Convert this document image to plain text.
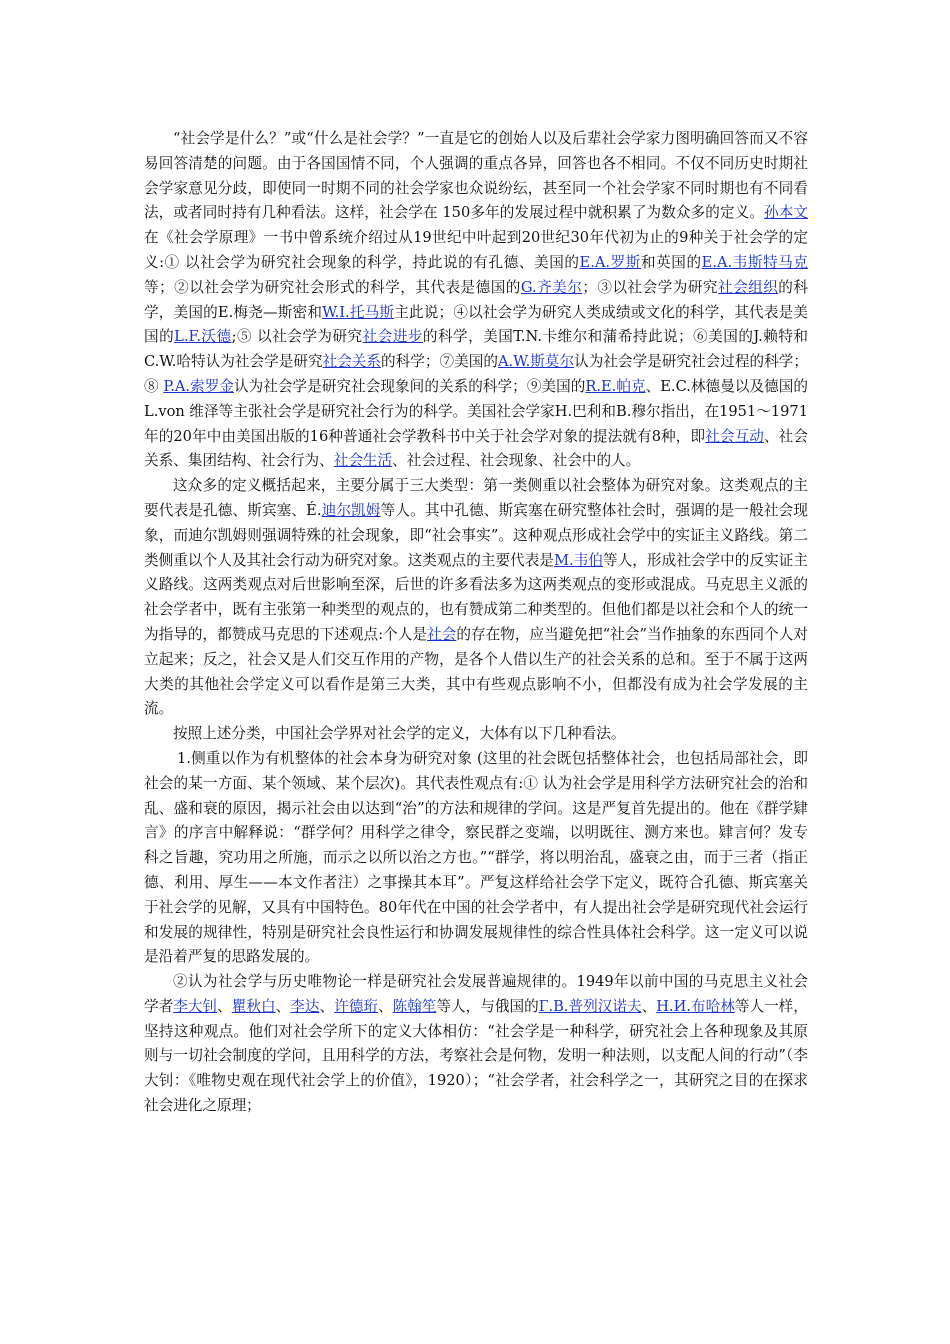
“社会学是什么？”或“什么是社会学？”一直是它的创始人以及后辈社会学家力图明确回答而又不容易回答清楚的问题。由于各国国情不同，个人强调的重点各异，回答也各不相同。不仅不同历史时期社会学家意见分歧，即使同一时期不同的社会学家也众说纷纭，甚至同一个社会学家不同时期也有不同看法，或者同时持有几种看法。这样，社会学在 150多年的发展过程中就积累了为数众多的定义。孙本文在《社会学原理》一书中曾系统介绍过从19世纪中叶起到20世纪30年代初为止的9种关于社会学的定义:① 以社会学为研究社会现象的科学，持此说的有孔德、美国的E.A.罗斯和英国的E.A.韦斯特马克等；②以社会学为研究社会形式的科学，其代表是德国的G.齐美尔；③以社会学为研究社会组织的科学，美国的E.梅尧—斯密和W.I.托马斯主此说；④以社会学为研究人类成绩或文化的科学，其代表是美国的L.F.沃德;⑤ 以社会学为研究社会进步的科学，美国T.N.卡维尔和蒲希持此说；⑥美国的J.赖特和C.W.哈特认为社会学是研究社会关系的科学；⑦美国的A.W.斯莫尔认为社会学是研究社会过程的科学；⑧ P.A.索罗金认为社会学是研究社会现象间的关系的科学；⑨美国的R.E.帕克、E.C.林德曼以及德国的 L.von 维泽等主张社会学是研究社会行为的科学。美国社会学家H.巴利和B.穆尔指出，在1951～1971年的20年中由美国出版的16种普通社会学教科书中关于社会学对象的提法就有8种，即社会互动、社会关系、集团结构、社会行为、社会生活、社会过程、社会现象、社会中的人。

这众多的定义概括起来，主要分属于三大类型：第一类侧重以社会整体为研究对象。这类观点的主要代表是孔德、斯宾塞、É.迪尔凯姆等人。其中孔德、斯宾塞在研究整体社会时，强调的是一般社会现象，而迪尔凯姆则强调特殊的社会现象，即“社会事实”。这种观点形成社会学中的实证主义路线。第二类侧重以个人及其社会行动为研究对象。这类观点的主要代表是M.韦伯等人，形成社会学中的反实证主义路线。这两类观点对后世影响至深，后世的许多看法多为这两类观点的变形或混成。马克思主义派的社会学者中，既有主张第一种类型的观点的，也有赞成第二种类型的。但他们都是以社会和个人的统一为指导的，都赞成马克思的下述观点:个人是社会的存在物，应当避免把“社会”当作抽象的东西同个人对立起来；反之，社会又是人们交互作用的产物，是各个人借以生产的社会关系的总和。至于不属于这两大类的其他社会学定义可以看作是第三大类，其中有些观点影响不小，但都没有成为社会学发展的主流。

按照上述分类，中国社会学界对社会学的定义，大体有以下几种看法。

1.侧重以作为有机整体的社会本身为研究对象 (这里的社会既包括整体社会，也包括局部社会，即社会的某一方面、某个领域、某个层次)。其代表性观点有:① 认为社会学是用科学方法研究社会的治和乱、盛和衰的原因，揭示社会由以达到“治”的方法和规律的学问。这是严复首先提出的。他在《群学肄言》的序言中解释说：“群学何？用科学之律令，察民群之变端，以明既往、测方来也。肄言何？发专科之旨趣，究功用之所施，而示之以所以治之方也。”“群学，将以明治乱，盛衰之由，而于三者（指正德、利用、厚生——本文作者注）之事操其本耳”。严复这样给社会学下定义，既符合孔德、斯宾塞关于社会学的见解，又具有中国特色。80年代在中国的社会学者中，有人提出社会学是研究现代社会运行和发展的规律性，特别是研究社会良性运行和协调发展规律性的综合性具体社会科学。这一定义可以说是沿着严复的思路发展的。

②认为社会学与历史唯物论一样是研究社会发展普遍规律的。1949年以前中国的马克思主义社会学者李大钊、瞿秋白、李达、许德珩、陈翰笙等人，与俄国的Г.В.普列汉诺夫、Н.И.布哈林等人一样，坚持这种观点。他们对社会学所下的定义大体相仿：“社会学是一种科学，研究社会上各种现象及其原则与一切社会制度的学问，且用科学的方法，考察社会是何物，发明一种法则，以支配人间的行动”（李大钊：《唯物史观在现代社会学上的价值》，1920）；“社会学者，社会科学之一，其研究之目的在探求社会进化之原理；
